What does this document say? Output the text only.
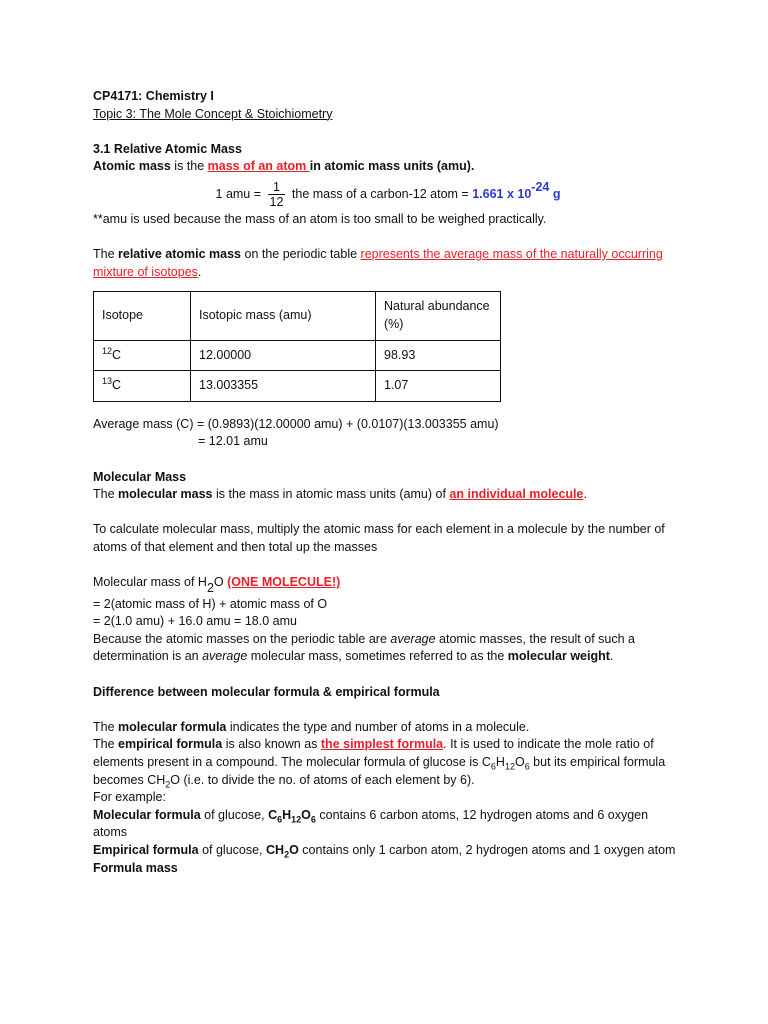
CP4171: Chemistry I

Topic 3: The Mole Concept & Stoichiometry

3.1 Relative Atomic Mass

Atomic mass is the mass of an atom in atomic mass units (amu).

1 amu = $\frac{1}{12}$ the mass of a carbon-12 atom = 1.661 x 10-24 g

**amu is used because the mass of an atom is too small to be weighed practically.

The relative atomic mass on the periodic table represents the average mass of the naturally occurring mixture of isotopes.

Isotope	Isotopic mass (amu)	Natural abundance (%)
$^{12}$C	12.00000	98.93
$^{13}$C	13.003355	1.07

Average mass (C) = (0.9893)(12.00000 amu) + (0.0107)(13.003355 amu)

= 12.01 amu

Molecular Mass

The molecular mass is the mass in atomic mass units (amu) of an individual molecule.

To calculate molecular mass, multiply the atomic mass for each element in a molecule by the number of atoms of that element and then total up the masses

Molecular mass of H2O (ONE MOLECULE!)

= 2(atomic mass of H) + atomic mass of O

= 2(1.0 amu) + 16.0 amu = 18.0 amu

Because the atomic masses on the periodic table are average atomic masses, the result of such a determination is an average molecular mass, sometimes referred to as the molecular weight.

Difference between molecular formula & empirical formula

The molecular formula indicates the type and number of atoms in a molecule.

The empirical formula is also known as the simplest formula. It is used to indicate the mole ratio of elements present in a compound. The molecular formula of glucose is $C_6H_{12}O_6$ but its empirical formula becomes $CH_2O$ (i.e. to divide the no. of atoms of each element by 6).

For example:

Molecular formula of glucose, $C_6H_{12}O_6$ contains 6 carbon atoms, 12 hydrogen atoms and 6 oxygen atoms

Empirical formula of glucose, $CH_2O$ contains only 1 carbon atom, 2 hydrogen atoms and 1 oxygen atom

Formula mass
